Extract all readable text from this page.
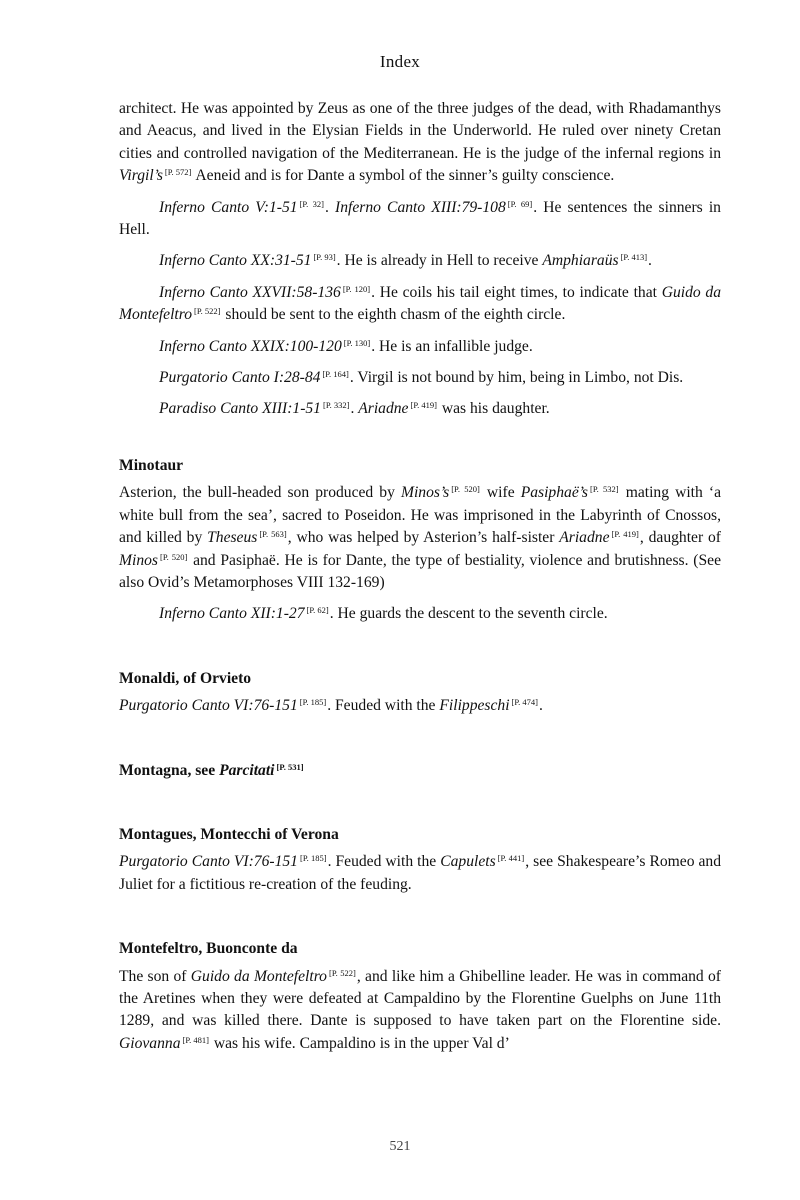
Index

architect. He was appointed by Zeus as one of the three judges of the dead, with Rhadamanthys and Aeacus, and lived in the Elysian Fields in the Underworld. He ruled over ninety Cretan cities and controlled navigation of the Mediterranean. He is the judge of the infernal regions in Virgil’s [P. 572] Aeneid and is for Dante a symbol of the sinner’s guilty conscience.

Inferno Canto V:1-51 [P. 32]. Inferno Canto XIII:79-108 [P. 69]. He sentences the sinners in Hell.

Inferno Canto XX:31-51 [P. 93]. He is already in Hell to receive Amphiaraüs [P. 413].

Inferno Canto XXVII:58-136 [P. 120]. He coils his tail eight times, to indicate that Guido da Montefeltro [P. 522] should be sent to the eighth chasm of the eighth circle.

Inferno Canto XXIX:100-120 [P. 130]. He is an infallible judge.

Purgatorio Canto I:28-84 [P. 164]. Virgil is not bound by him, being in Limbo, not Dis.

Paradiso Canto XIII:1-51 [P. 332]. Ariadne [P. 419] was his daughter.

Minotaur

Asterion, the bull-headed son produced by Minos’s [P. 520] wife Pasiphaë’s [P. 532] mating with ‘a white bull from the sea’, sacred to Poseidon. He was imprisoned in the Labyrinth of Cnossos, and killed by Theseus [P. 563], who was helped by Asterion’s half-sister Ariadne [P. 419], daughter of Minos [P. 520] and Pasiphaë. He is for Dante, the type of bestiality, violence and brutishness. (See also Ovid’s Metamorphoses VIII 132-169)

Inferno Canto XII:1-27 [P. 62]. He guards the descent to the seventh circle.

Monaldi, of Orvieto

Purgatorio Canto VI:76-151 [P. 185]. Feuded with the Filippeschi [P. 474].

Montagna, see Parcitati [P. 531]
Montagues, Montecchi of Verona

Purgatorio Canto VI:76-151 [P. 185]. Feuded with the Capulets [P. 441], see Shakespeare’s Romeo and Juliet for a fictitious re-creation of the feuding.

Montefeltro, Buonconte da

The son of Guido da Montefeltro [P. 522], and like him a Ghibelline leader. He was in command of the Aretines when they were defeated at Campaldino by the Florentine Guelphs on June 11th 1289, and was killed there. Dante is supposed to have taken part on the Florentine side. Giovanna [P. 481] was his wife. Campaldino is in the upper Val d’

521
